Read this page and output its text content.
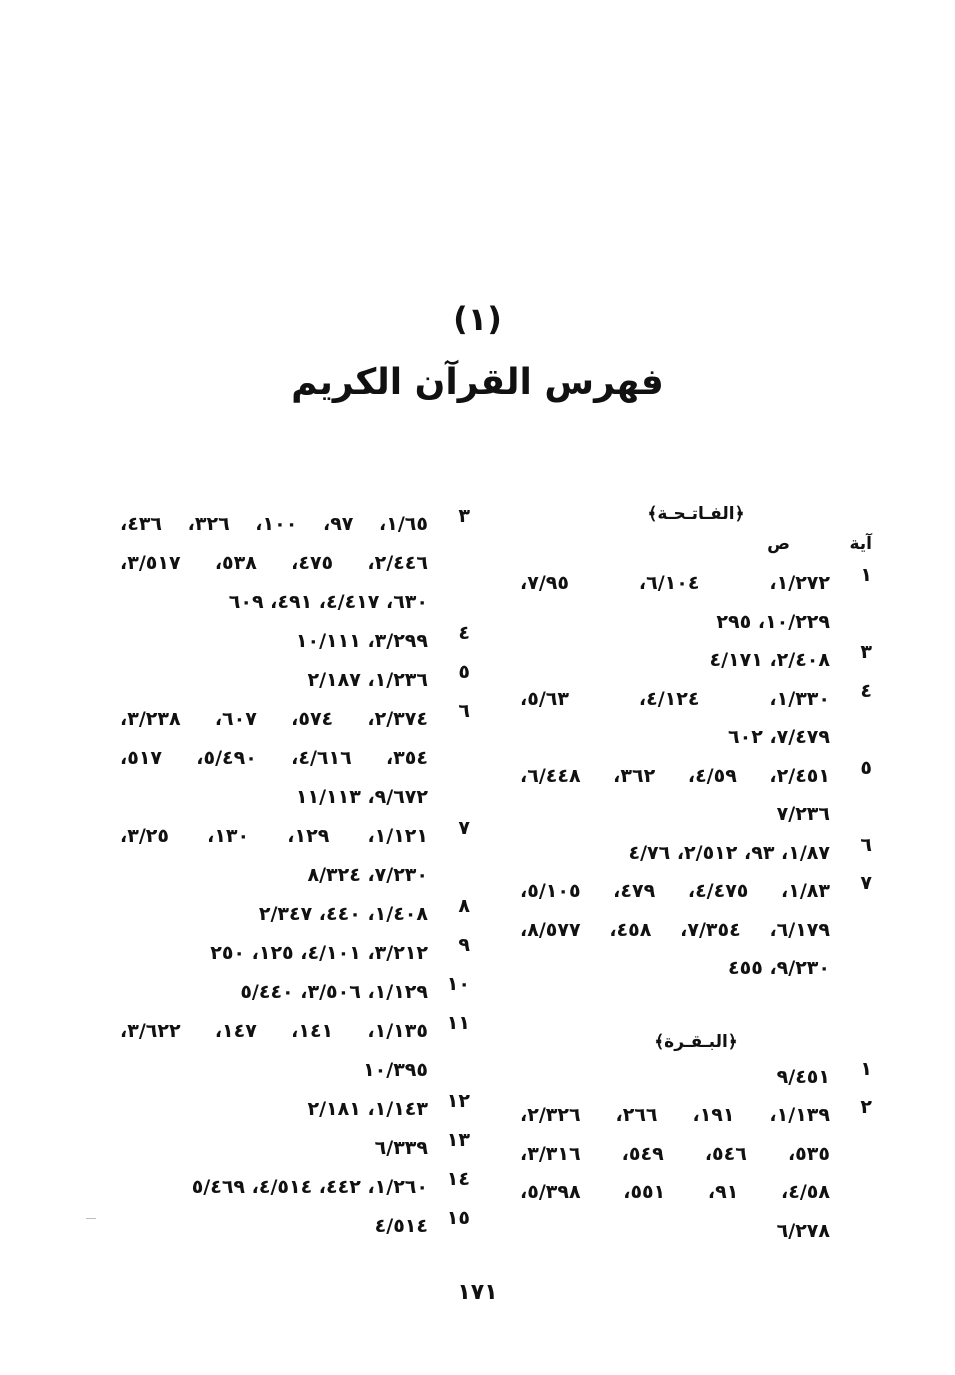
(١)
فهرس القرآن الكريم
﴿الفـاتـحـة﴾
آية
ص
١
١/٢٧٢، ٦/١٠٤، ٧/٩٥،
١٠/٢٢٩، ٢٩٥
٣
٢/٤٠٨، ٤/١٧١
٤
١/٣٣٠، ٤/١٢٤، ٥/٦٣،
٧/٤٧٩، ٦٠٢
٥
٢/٤٥١، ٤/٥٩، ٣٦٢، ٦/٤٤٨،
٧/٢٣٦
٦
١/٨٧، ٩٣، ٢/٥١٢، ٤/٧٦
٧
١/٨٣، ٤/٤٧٥، ٤٧٩، ٥/١٠٥،
٦/١٧٩، ٧/٣٥٤، ٤٥٨، ٨/٥٧٧،
٩/٢٣٠، ٤٥٥
﴿البـقـرة﴾
١
٩/٤٥١
٢
١/١٣٩، ١٩١، ٢٦٦، ٢/٣٢٦،
٥٣٥، ٥٤٦، ٥٤٩، ٣/٣١٦،
٤/٥٨، ٩١، ٥٥١، ٥/٣٩٨،
٦/٢٧٨
٣
١/٦٥، ٩٧، ١٠٠، ٣٢٦، ٤٣٦،
٢/٤٤٦، ٤٧٥، ٥٣٨، ٣/٥١٧،
٦٣٠، ٤/٤١٧، ٤٩١، ٦٠٩
٤
٣/٢٩٩، ١٠/١١١
٥
١/٢٣٦، ٢/١٨٧
٦
٢/٣٧٤، ٥٧٤، ٦٠٧، ٣/٢٣٨،
٣٥٤، ٤/٦١٦، ٥/٤٩٠، ٥١٧،
٩/٦٧٢، ١١/١١٣
٧
١/١٢١، ١٢٩، ١٣٠، ٣/٢٥،
٧/٢٣٠، ٨/٣٢٤
٨
١/٤٠٨، ٤٤٠، ٢/٣٤٧
٩
٣/٢١٢، ٤/١٠١، ١٢٥، ٢٥٠
١٠
١/١٢٩، ٣/٥٠٦، ٥/٤٤٠
١١
١/١٣٥، ١٤١، ١٤٧، ٣/٦٢٢،
١٠/٣٩٥
١٢
١/١٤٣، ٢/١٨١
١٣
٦/٣٣٩
١٤
١/٢٦٠، ٤٤٢، ٤/٥١٤، ٥/٤٦٩
١٥
٤/٥١٤
١٧١
